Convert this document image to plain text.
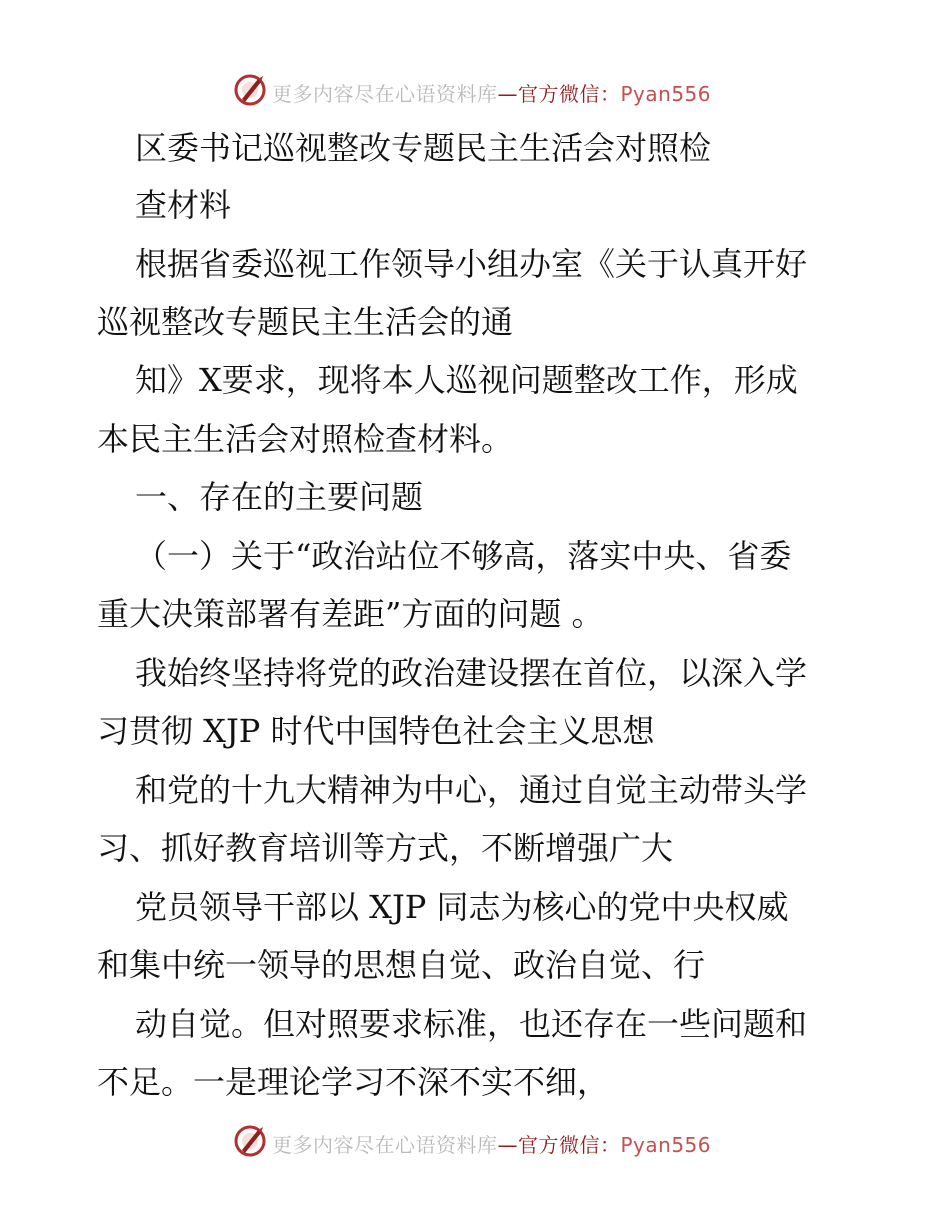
更多内容尽在心语资料库—官方微信：Pyan556
区委书记巡视整改专题民主生活会对照检
查材料
根据省委巡视工作领导小组办室《关于认真开好
巡视整改专题民主生活会的通
知》X要求，现将本人巡视问题整改工作，形成
本民主生活会对照检查材料。
一、存在的主要问题
（一）关于“政治站位不够高，落实中央、省委
重大决策部署有差距”方面的问题 。
我始终坚持将党的政治建设摆在首位，以深入学
习贯彻 XJP 时代中国特色社会主义思想
和党的十九大精神为中心，通过自觉主动带头学
习、抓好教育培训等方式，不断增强广大
党员领导干部以 XJP 同志为核心的党中央权威
和集中统一领导的思想自觉、政治自觉、行
动自觉。但对照要求标准，也还存在一些问题和
不足。一是理论学习不深不实不细，
更多内容尽在心语资料库—官方微信：Pyan556
